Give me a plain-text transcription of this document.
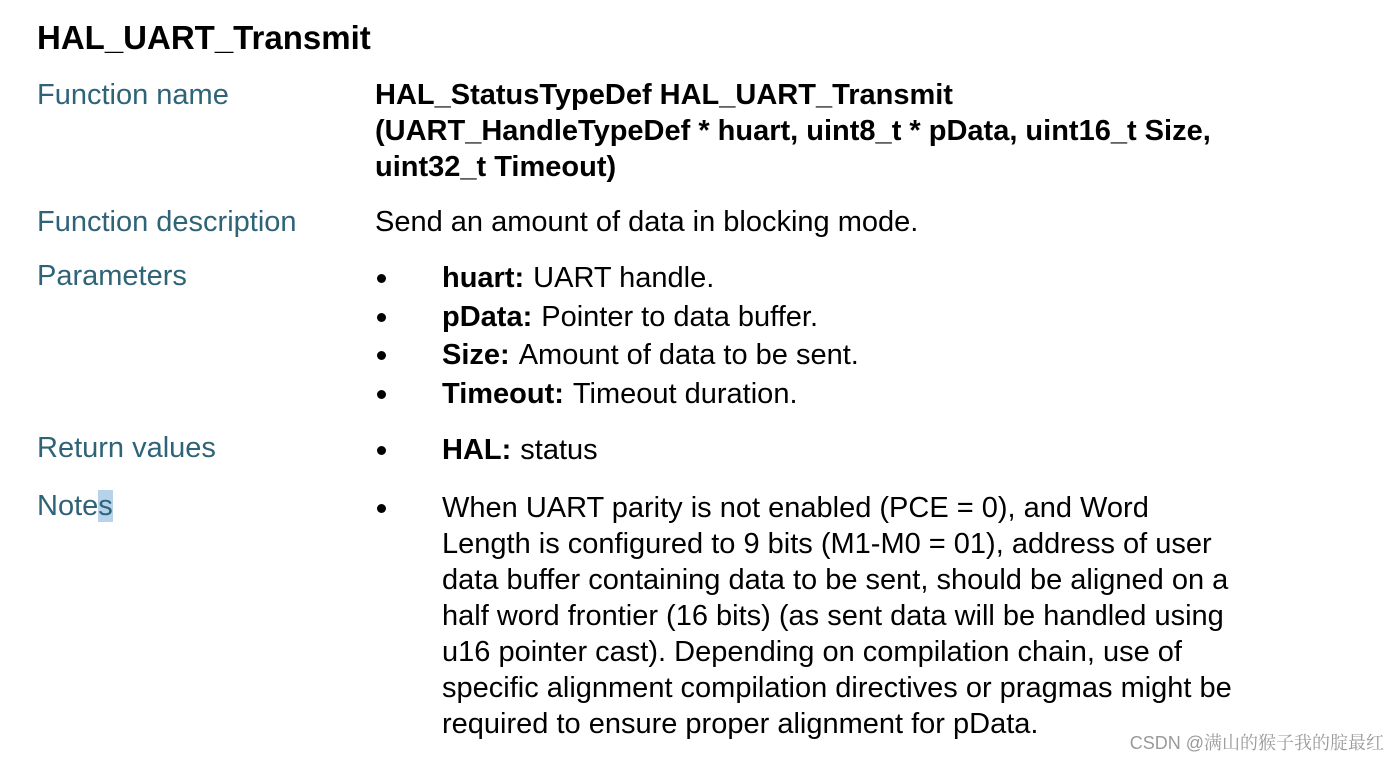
HAL_UART_Transmit
Function name	HAL_StatusTypeDef HAL_UART_Transmit
(UART_HandleTypeDef * huart, uint8_t * pData, uint16_t Size,
uint32_t Timeout)
Function description	Send an amount of data in blocking mode.
Parameters	huart: UART handle.
pData: Pointer to data buffer.
Size: Amount of data to be sent.
Timeout: Timeout duration.
Return values	HAL: status
Notes	When UART parity is not enabled (PCE = 0), and Word
Length is configured to 9 bits (M1-M0 = 01), address of user
data buffer containing data to be sent, should be aligned on a
half word frontier (16 bits) (as sent data will be handled using
u16 pointer cast). Depending on compilation chain, use of
specific alignment compilation directives or pragmas might be
required to ensure proper alignment for pData.
CSDN @满山的猴子我的腚最红
